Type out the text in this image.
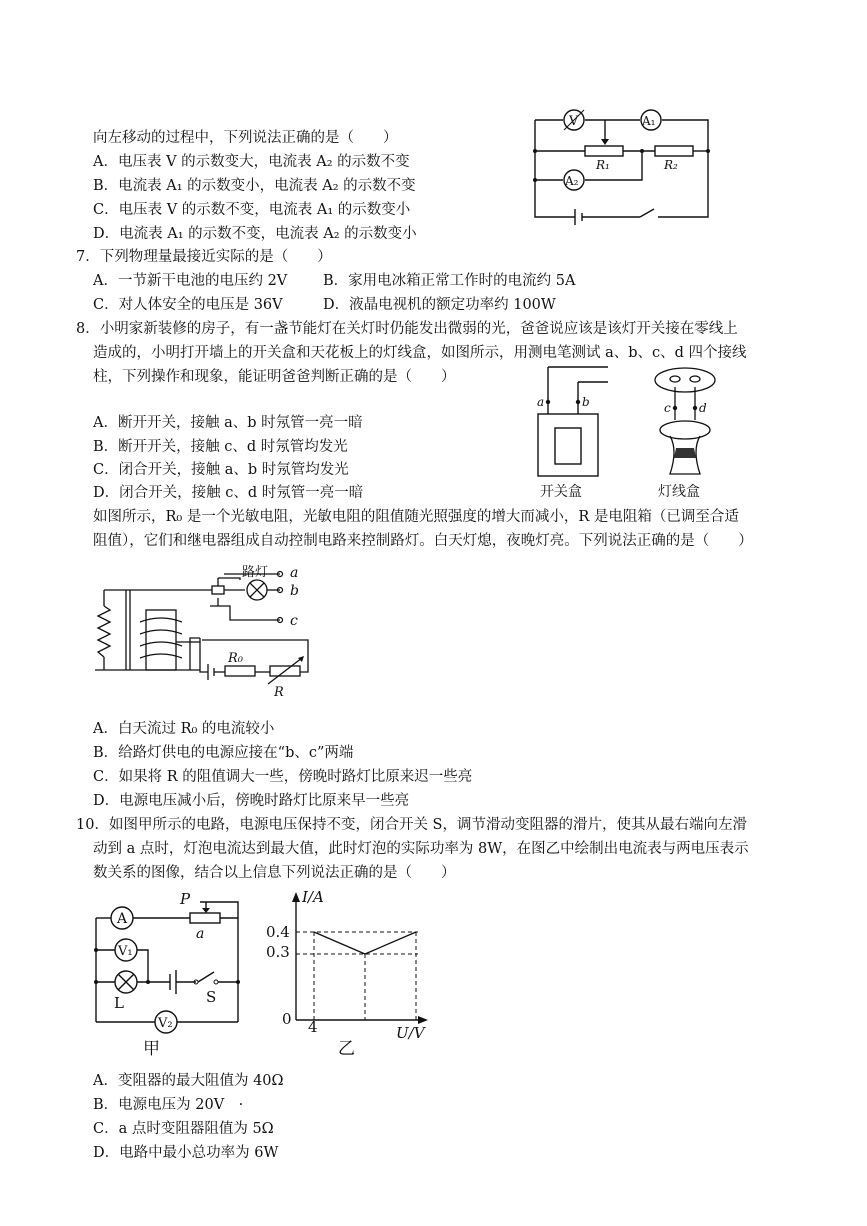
向左移动的过程中，下列说法正确的是（　　）
A．电压表 V 的示数变大，电流表 A₂ 的示数不变
B．电流表 A₁ 的示数变小，电流表 A₂ 的示数不变
C．电压表 V 的示数不变，电流表 A₁ 的示数变小
D．电流表 A₁ 的示数不变，电流表 A₂ 的示数变小
V	A₁
A₂
R₁	R₂
7．下列物理量最接近实际的是（　　）
A．一节新干电池的电压约 2V B．家用电冰箱正常工作时的电流约 5A
C．对人体安全的电压是 36V	D．液晶电视机的额定功率约 100W
8．小明家新装修的房子，有一盏节能灯在关灯时仍能发出微弱的光，爸爸说应该是该灯开关接在零线上
造成的，小明打开墙上的开关盒和天花板上的灯线盒，如图所示，用测电笔测试 a、b、c、d 四个接线
柱，下列操作和现象，能证明爸爸判断正确的是（　　）
A．断开开关，接触 a、b 时氖管一亮一暗
B．断开开关，接触 c、d 时氖管均发光
C．闭合开关，接触 a、b 时氖管均发光
D．闭合开关，接触 c、d 时氖管一亮一暗
a	b
开关盒
c d
灯线盒
如图所示，R₀ 是一个光敏电阻，光敏电阻的阻值随光照强度的增大而减小，R 是电阻箱（已调至合适
阻值），它们和继电器组成自动控制电路来控制路灯。白天灯熄，夜晚灯亮。下列说法正确的是（　　）
路灯 a
b
c
R₀
R
A．白天流过 R₀ 的电流较小
B．给路灯供电的电源应接在“b、c”两端
C．如果将 R 的阻值调大一些，傍晚时路灯比原来迟一些亮
D．电源电压减小后，傍晚时路灯比原来早一些亮
10．如图甲所示的电路，电源电压保持不变，闭合开关 S，调节滑动变阻器的滑片，使其从最右端向左滑
动到 a 点时，灯泡电流达到最大值，此时灯泡的实际功率为 8W，在图乙中绘制出电流表与两电压表示
数关系的图像，结合以上信息下列说法正确的是（　　）
A
P
a
V₁
L	S
V₂
甲
I/A
U/V
0.4
0.3
0 4
乙
A．变阻器的最大阻值为 40Ω
B．电源电压为 20V　·
C．a 点时变阻器阻值为 5Ω
D．电路中最小总功率为 6W
